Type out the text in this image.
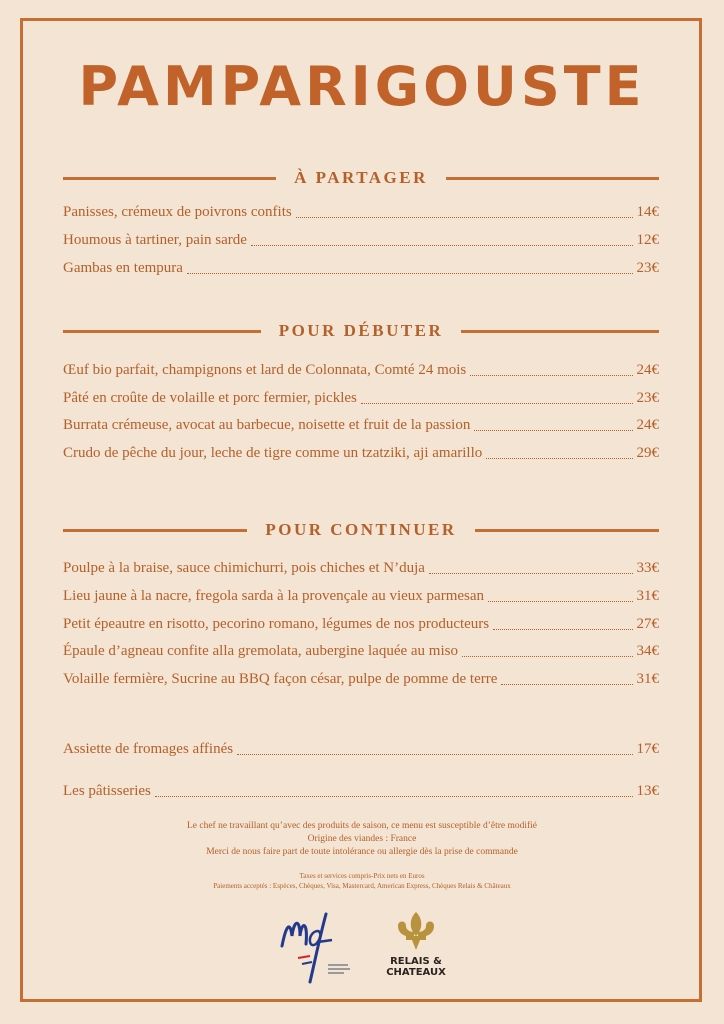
PAMPARIGOUSTE
À PARTAGER
Panisses, crémeux de poivrons confits	14€
Houmous à tartiner, pain sarde	12€
Gambas en tempura	23€
POUR DÉBUTER
Œuf bio parfait, champignons et lard de Colonnata, Comté 24 mois	24€
Pâté en croûte de volaille et porc fermier, pickles	23€
Burrata crémeuse, avocat au barbecue, noisette et fruit de la passion	24€
Crudo de pêche du jour, leche de tigre comme un tzatziki, aji amarillo	29€
POUR CONTINUER
Poulpe à la braise, sauce chimichurri, pois chiches et N’duja	33€
Lieu jaune à la nacre, fregola sarda à la provençale au vieux parmesan	31€
Petit épeautre en risotto, pecorino romano, légumes de nos producteurs	27€
Épaule d’agneau confite alla gremolata, aubergine laquée au miso	34€
Volaille fermière, Sucrine au BBQ façon césar, pulpe de pomme de terre	31€
Assiette de fromages affinés	17€
Les pâtisseries	13€
Le chef ne travaillant qu’avec des produits de saison, ce menu est susceptible d’être modifié
Origine des viandes : France
Merci de nous faire part de toute intolérance ou allergie dès la prise de commande
Taxes et services compris-Prix nets en Euros
Paiements acceptés : Espèces, Chèques, Visa, Mastercard, American Express, Chèques Relais & Châteaux
RELAIS &
CHATEAUX
